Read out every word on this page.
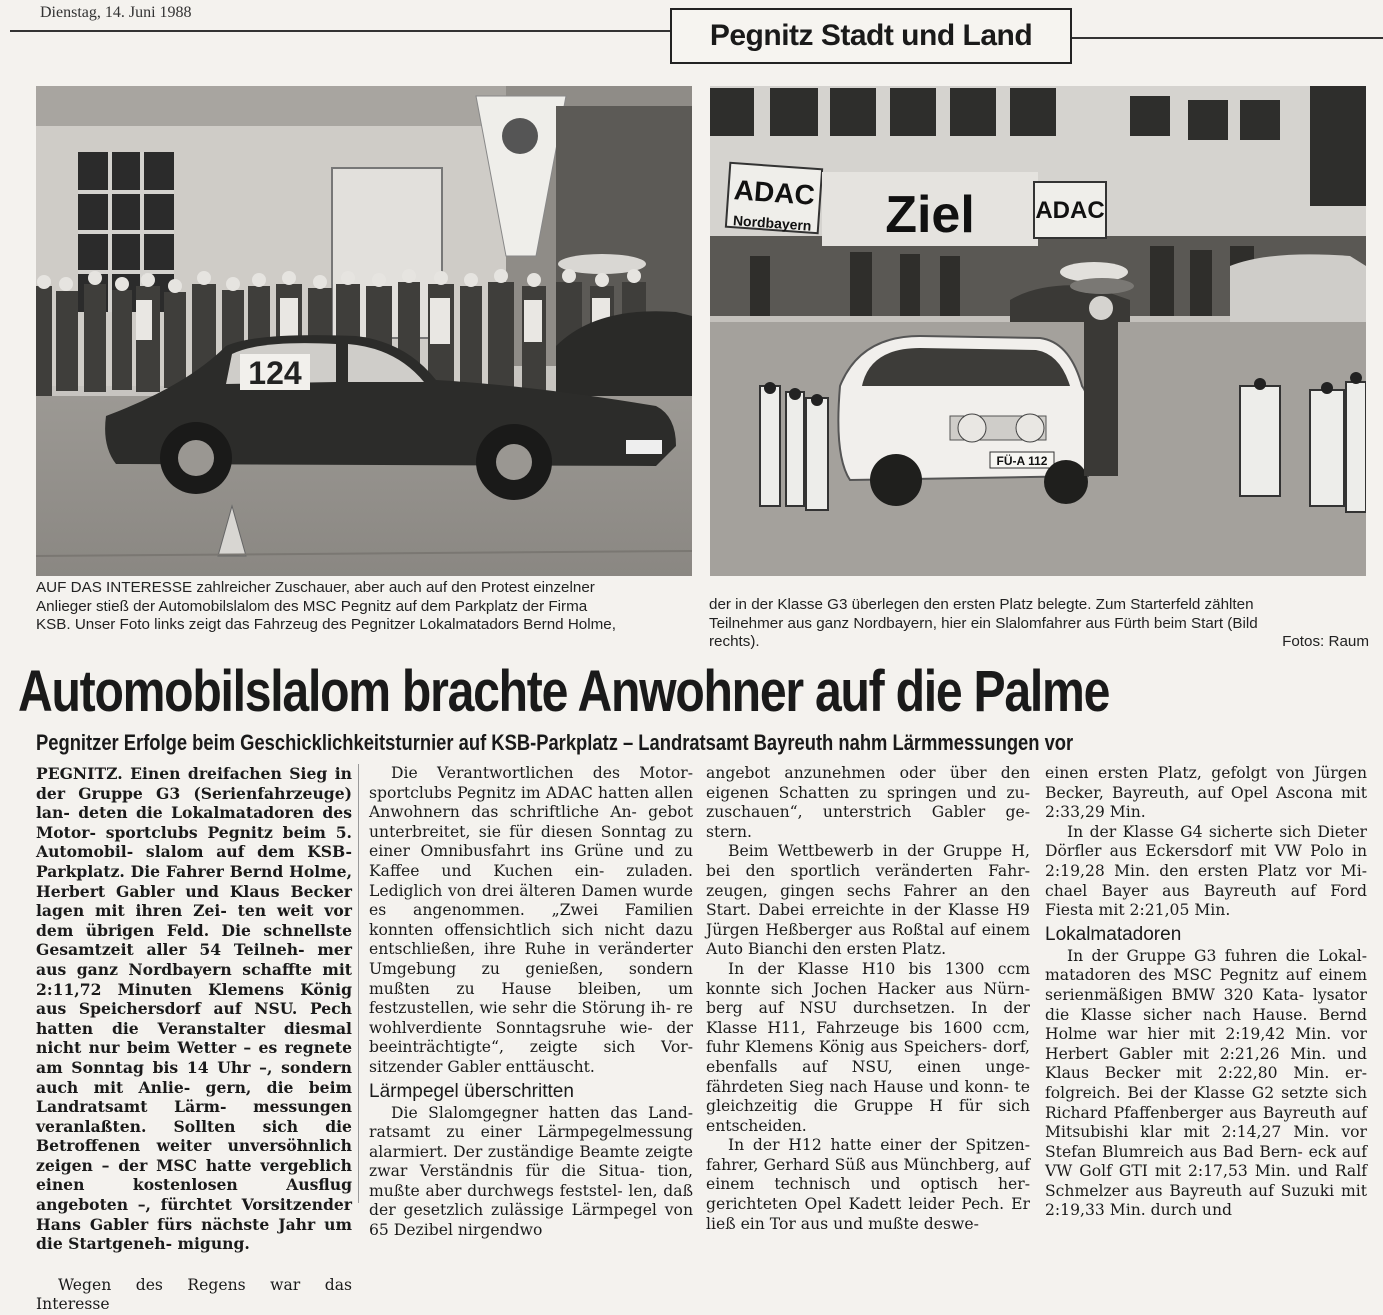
Dienstag, 14. Juni 1988
Pegnitz Stadt und Land
124
ADAC
Nordbayern Ziel	ADAC
FÜ-A 112
AUF DAS INTERESSE zahlreicher Zuschauer, aber auch auf den Protest einzelner
Anlieger stieß der Automobilslalom des MSC Pegnitz auf dem Parkplatz der Firma
KSB. Unser Foto links zeigt das Fahrzeug des Pegnitzer Lokalmatadors Bernd Holme,
der in der Klasse G3 überlegen den ersten Platz belegte. Zum Starterfeld zählten
Teilnehmer aus ganz Nordbayern, hier ein Slalomfahrer aus Fürth beim Start (Bild
rechts).	Fotos: Raum
Automobilslalom brachte Anwohner auf die Palme
Pegnitzer Erfolge beim Geschicklichkeitsturnier auf KSB-Parkplatz – Landratsamt Bayreuth nahm Lärmmessungen vor
PEGNITZ. Einen dreifachen Sieg in der Gruppe G3 (Serienfahrzeuge) lan- deten die Lokalmatadoren des Motor- sportclubs Pegnitz beim 5. Automobil- slalom auf dem KSB-Parkplatz. Die Fahrer Bernd Holme, Herbert Gabler und Klaus Becker lagen mit ihren Zei- ten weit vor dem übrigen Feld. Die schnellste Gesamtzeit aller 54 Teilneh- mer aus ganz Nordbayern schaffte mit 2:11,72 Minuten Klemens König aus Speichersdorf auf NSU. Pech hatten die Veranstalter diesmal nicht nur beim Wetter – es regnete am Sonntag bis 14 Uhr –, sondern auch mit Anlie- gern, die beim Landratsamt Lärm- messungen veranlaßten. Sollten sich die Betroffenen weiter unversöhnlich zeigen – der MSC hatte vergeblich einen kostenlosen Ausflug angeboten –, fürchtet Vorsitzender Hans Gabler fürs nächste Jahr um die Startgeneh- migung.

Wegen des Regens war das Interesse

Die Verantwortlichen des Motor- sportclubs Pegnitz im ADAC hatten allen Anwohnern das schriftliche An- gebot unterbreitet, sie für diesen Sonntag zu einer Omnibusfahrt ins Grüne und zu Kaffee und Kuchen ein- zuladen. Lediglich von drei älteren Damen wurde es angenommen. „Zwei Familien konnten offensichtlich sich nicht dazu entschließen, ihre Ruhe in veränderter Umgebung zu genießen, sondern mußten zu Hause bleiben, um festzustellen, wie sehr die Störung ih- re wohlverdiente Sonntagsruhe wie- der beeinträchtigte“, zeigte sich Vor- sitzender Gabler enttäuscht.
Lärmpegel überschritten
Die Slalomgegner hatten das Land- ratsamt zu einer Lärmpegelmessung alarmiert. Der zuständige Beamte zeigte zwar Verständnis für die Situa- tion, mußte aber durchwegs feststel- len, daß der gesetzlich zulässige Lärmpegel von 65 Dezibel nirgendwo
angebot anzunehmen oder über den eigenen Schatten zu springen und zu- zuschauen“, unterstrich Gabler ge- stern.
Beim Wettbewerb in der Gruppe H, bei den sportlich veränderten Fahr- zeugen, gingen sechs Fahrer an den Start. Dabei erreichte in der Klasse H9 Jürgen Heßberger aus Roßtal auf einem Auto Bianchi den ersten Platz.
In der Klasse H10 bis 1300 ccm konnte sich Jochen Hacker aus Nürn- berg auf NSU durchsetzen. In der Klasse H11, Fahrzeuge bis 1600 ccm, fuhr Klemens König aus Speichers- dorf, ebenfalls auf NSU, einen unge- fährdeten Sieg nach Hause und konn- te gleichzeitig die Gruppe H für sich entscheiden.
In der H12 hatte einer der Spitzen- fahrer, Gerhard Süß aus Münchberg, auf einem technisch und optisch her- gerichteten Opel Kadett leider Pech. Er ließ ein Tor aus und mußte deswe-
einen ersten Platz, gefolgt von Jürgen Becker, Bayreuth, auf Opel Ascona mit 2:33,29 Min.
In der Klasse G4 sicherte sich Dieter Dörfler aus Eckersdorf mit VW Polo in 2:19,28 Min. den ersten Platz vor Mi- chael Bayer aus Bayreuth auf Ford Fiesta mit 2:21,05 Min.
Lokalmatadoren
In der Gruppe G3 fuhren die Lokal- matadoren des MSC Pegnitz auf einem serienmäßigen BMW 320 Kata- lysator die Klasse sicher nach Hause. Bernd Holme war hier mit 2:19,42 Min. vor Herbert Gabler mit 2:21,26 Min. und Klaus Becker mit 2:22,80 Min. er- folgreich. Bei der Klasse G2 setzte sich Richard Pfaffenberger aus Bayreuth auf Mitsubishi klar mit 2:14,27 Min. vor Stefan Blumreich aus Bad Bern- eck auf VW Golf GTI mit 2:17,53 Min. und Ralf Schmelzer aus Bayreuth auf Suzuki mit 2:19,33 Min. durch und
